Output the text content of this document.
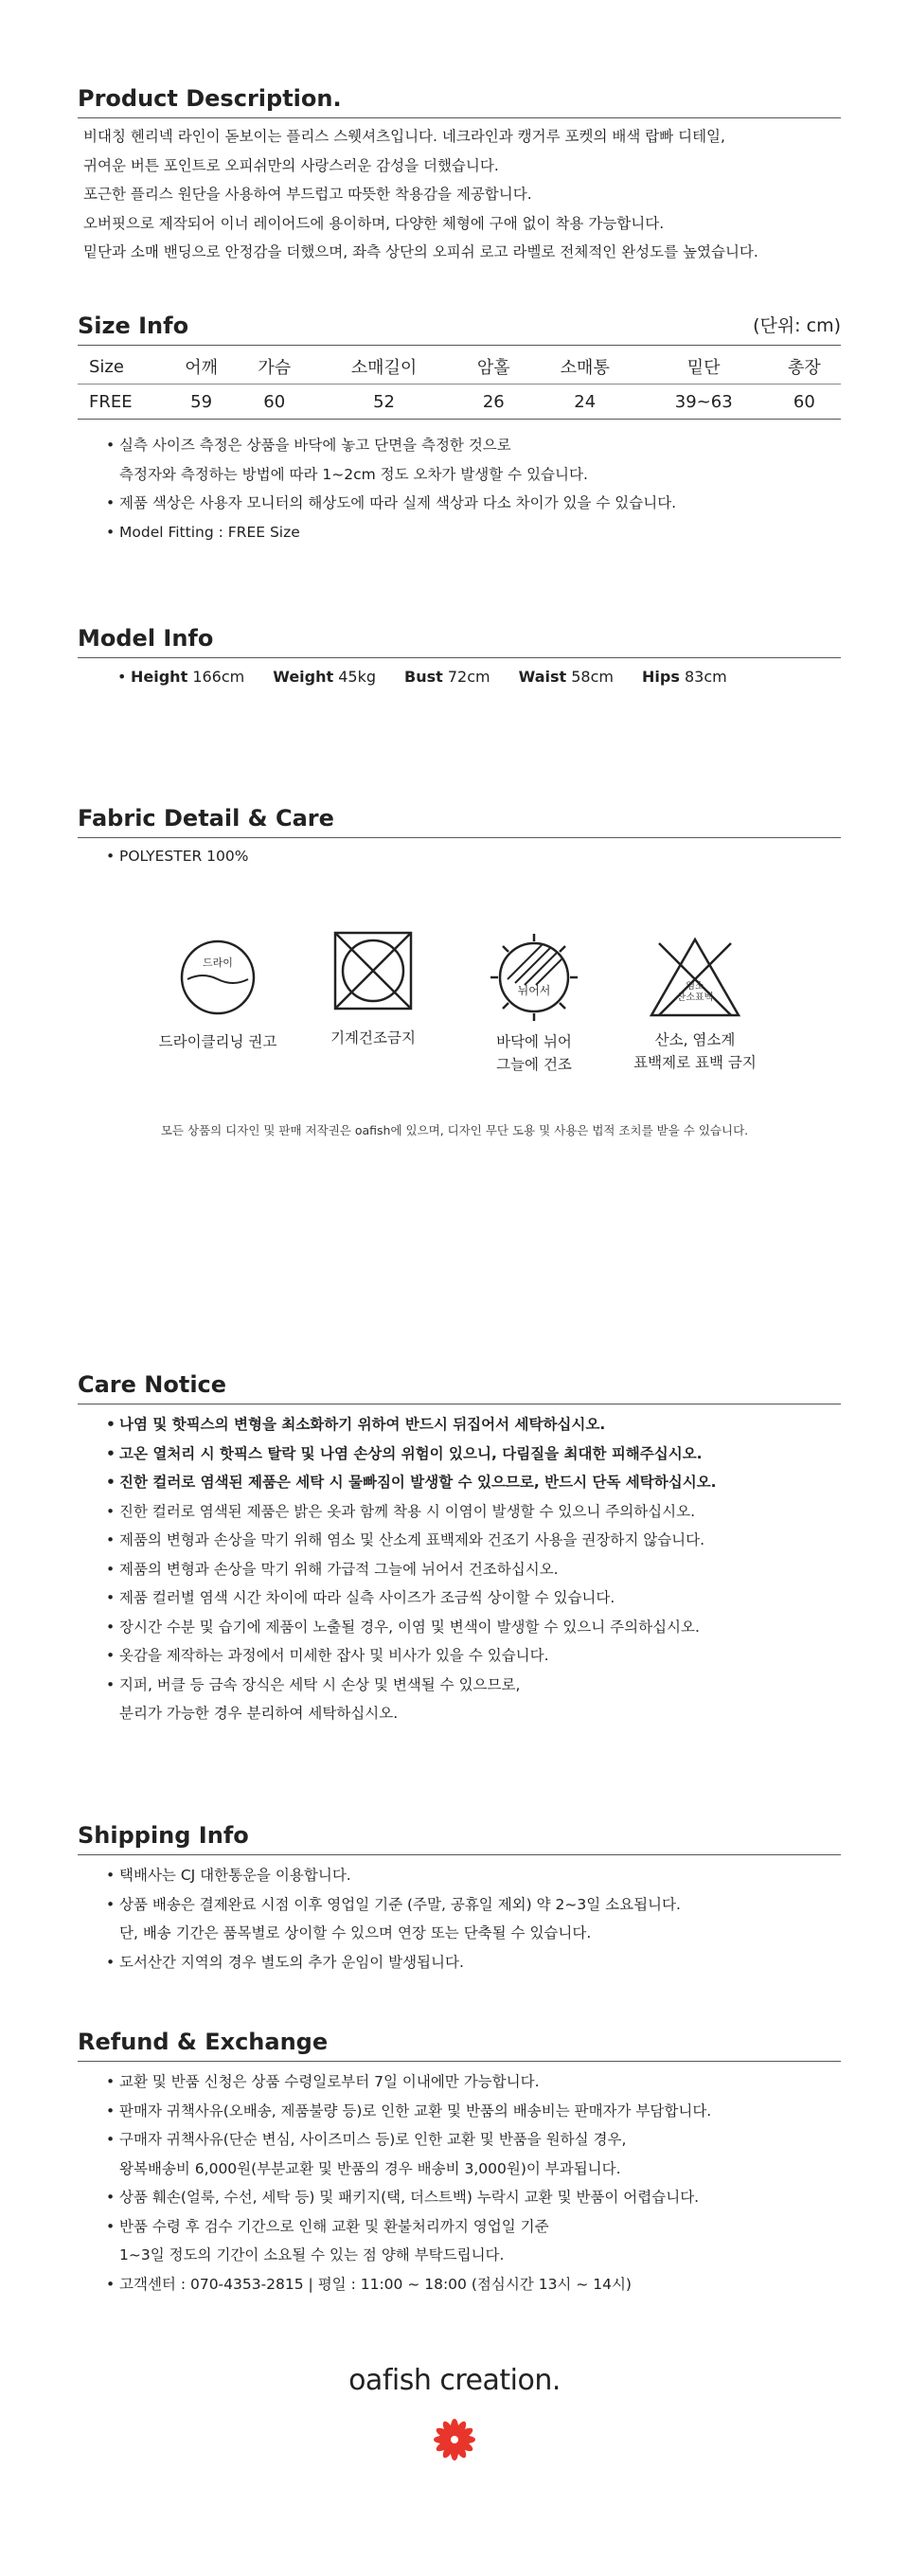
Product Description.
비대칭 헨리넥 라인이 돋보이는 플리스 스웻셔츠입니다. 네크라인과 캥거루 포켓의 배색 랍빠 디테일,
귀여운 버튼 포인트로 오피쉬만의 사랑스러운 감성을 더했습니다.
포근한 플리스 원단을 사용하여 부드럽고 따뜻한 착용감을 제공합니다.
오버핏으로 제작되어 이너 레이어드에 용이하며, 다양한 체형에 구애 없이 착용 가능합니다.
밑단과 소매 밴딩으로 안정감을 더했으며, 좌측 상단의 오피쉬 로고 라벨로 전체적인 완성도를 높였습니다.
Size Info	(단위: cm)
Size	어깨	가슴	소매길이	암홀	소매통	밑단	총장
FREE	59	60	52	26	24	39~63	60
• 실측 사이즈 측정은 상품을 바닥에 놓고 단면을 측정한 것으로
측정자와 측정하는 방법에 따라 1~2cm 정도 오차가 발생할 수 있습니다.
• 제품 색상은 사용자 모니터의 해상도에 따라 실제 색상과 다소 차이가 있을 수 있습니다.
• Model Fitting : FREE Size
Model Info
• Height 166cm Weight 45kg Bust 72cm Waist 58cm Hips 83cm
Fabric Detail & Care
• POLYESTER 100%
드라이
드라이클리닝 권고	기계건조금지
뉘어서
바닥에 뉘어
그늘에 건조
염소
산소표백
산소, 염소계
표백제로 표백 금지
모든 상품의 디자인 및 판매 저작권은 oafish에 있으며, 디자인 무단 도용 및 사용은 법적 조치를 받을 수 있습니다.
Care Notice
• 나염 및 핫픽스의 변형을 최소화하기 위하여 반드시 뒤집어서 세탁하십시오.
• 고온 열처리 시 핫픽스 탈락 및 나염 손상의 위험이 있으니, 다림질을 최대한 피해주십시오.
• 진한 컬러로 염색된 제품은 세탁 시 물빠짐이 발생할 수 있으므로, 반드시 단독 세탁하십시오.
• 진한 컬러로 염색된 제품은 밝은 옷과 함께 착용 시 이염이 발생할 수 있으니 주의하십시오.
• 제품의 변형과 손상을 막기 위해 염소 및 산소계 표백제와 건조기 사용을 권장하지 않습니다.
• 제품의 변형과 손상을 막기 위해 가급적 그늘에 뉘어서 건조하십시오.
• 제품 컬러별 염색 시간 차이에 따라 실측 사이즈가 조금씩 상이할 수 있습니다.
• 장시간 수분 및 습기에 제품이 노출될 경우, 이염 및 변색이 발생할 수 있으니 주의하십시오.
• 옷감을 제작하는 과정에서 미세한 잡사 및 비사가 있을 수 있습니다.
• 지퍼, 버클 등 금속 장식은 세탁 시 손상 및 변색될 수 있으므로,
분리가 가능한 경우 분리하여 세탁하십시오.
Shipping Info
• 택배사는 CJ 대한통운을 이용합니다.
• 상품 배송은 결제완료 시점 이후 영업일 기준 (주말, 공휴일 제외) 약 2~3일 소요됩니다.
단, 배송 기간은 품목별로 상이할 수 있으며 연장 또는 단축될 수 있습니다.
• 도서산간 지역의 경우 별도의 추가 운임이 발생됩니다.
Refund & Exchange
• 교환 및 반품 신청은 상품 수령일로부터 7일 이내에만 가능합니다.
• 판매자 귀책사유(오배송, 제품불량 등)로 인한 교환 및 반품의 배송비는 판매자가 부담합니다.
• 구매자 귀책사유(단순 변심, 사이즈미스 등)로 인한 교환 및 반품을 원하실 경우,
왕복배송비 6,000원(부분교환 및 반품의 경우 배송비 3,000원)이 부과됩니다.
• 상품 훼손(얼룩, 수선, 세탁 등) 및 패키지(택, 더스트백) 누락시 교환 및 반품이 어렵습니다.
• 반품 수령 후 검수 기간으로 인해 교환 및 환불처리까지 영업일 기준
1~3일 정도의 기간이 소요될 수 있는 점 양해 부탁드립니다.
• 고객센터 : 070-4353-2815 | 평일 : 11:00 ~ 18:00 (점심시간 13시 ~ 14시)
oafish creation.
